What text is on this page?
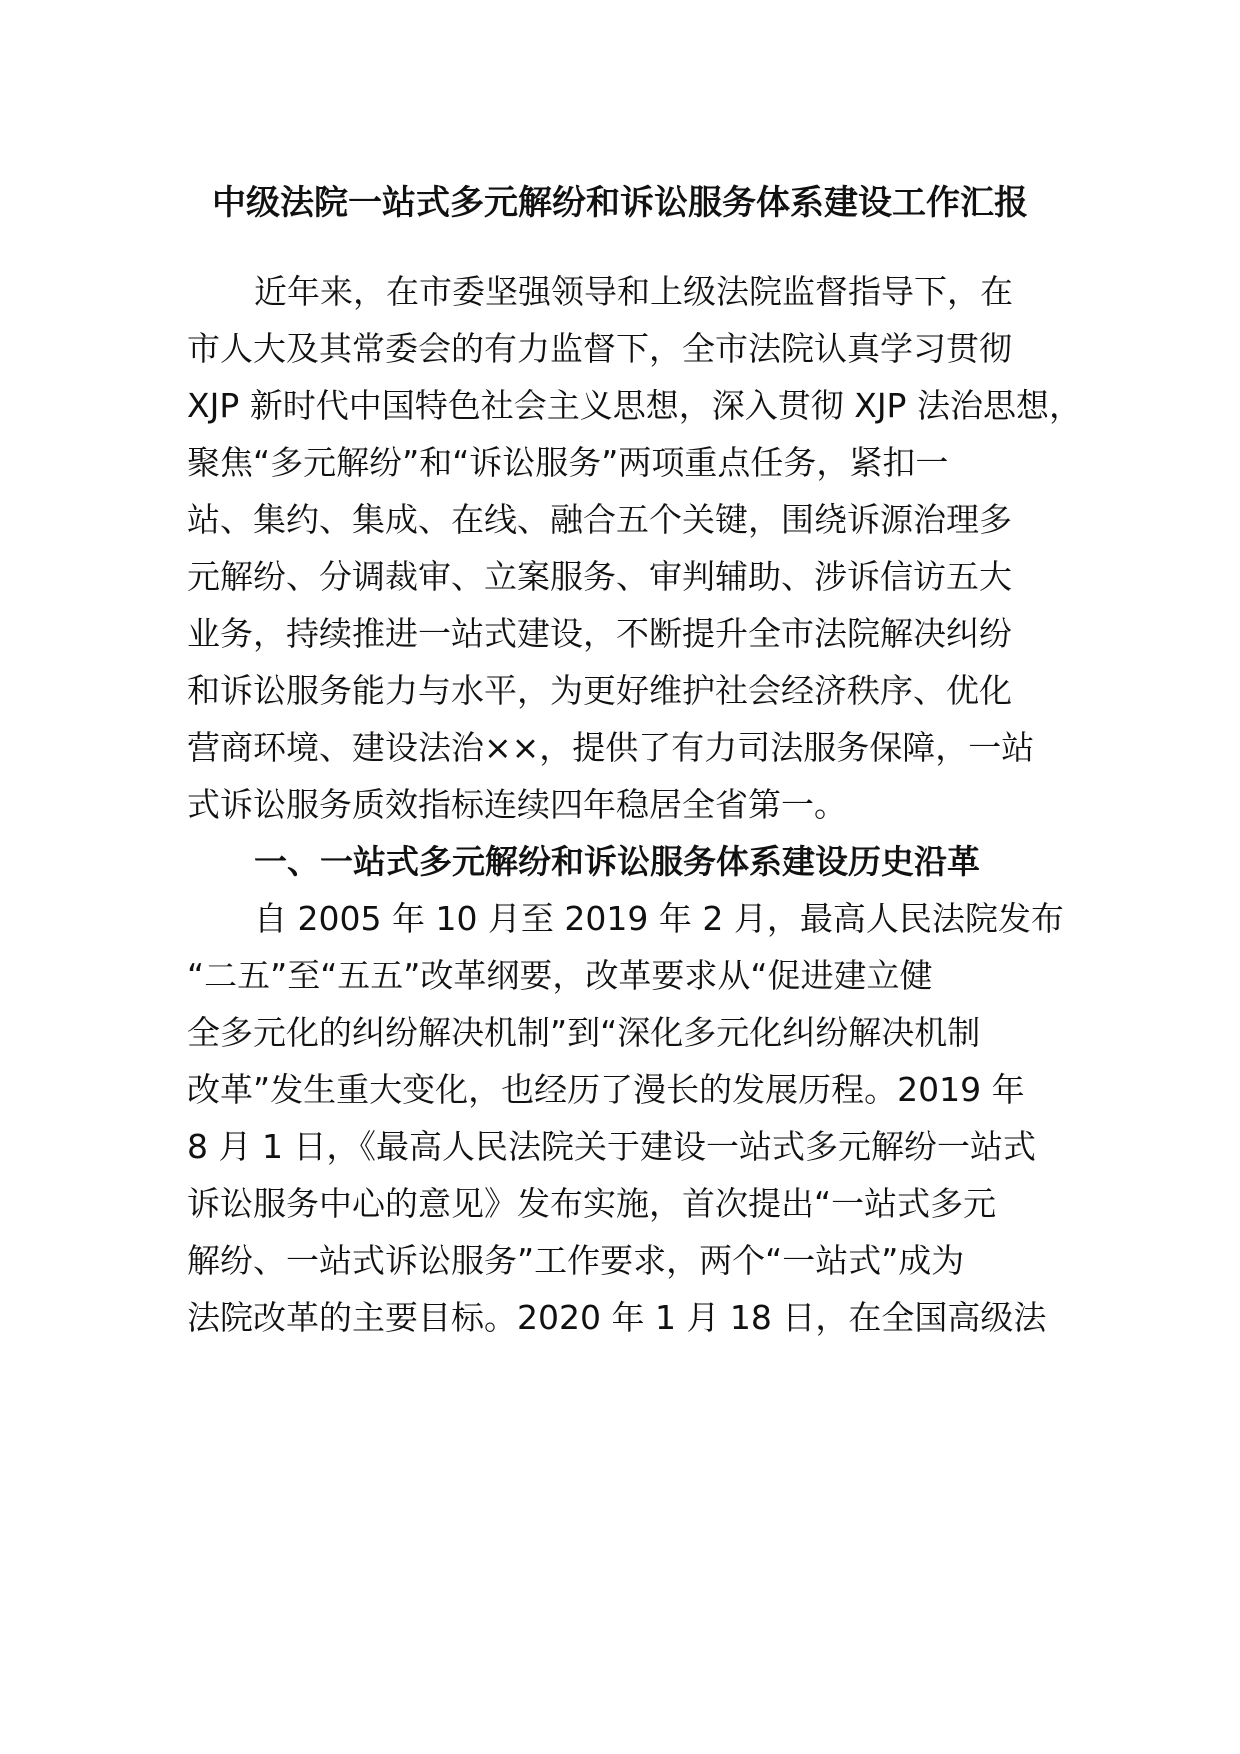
中级法院一站式多元解纷和诉讼服务体系建设工作汇报
近年来，在市委坚强领导和上级法院监督指导下，在
市人大及其常委会的有力监督下，全市法院认真学习贯彻
XJP 新时代中国特色社会主义思想，深入贯彻 XJP 法治思想，
聚焦“多元解纷”和“诉讼服务”两项重点任务，紧扣一
站、集约、集成、在线、融合五个关键，围绕诉源治理多
元解纷、分调裁审、立案服务、审判辅助、涉诉信访五大
业务，持续推进一站式建设，不断提升全市法院解决纠纷
和诉讼服务能力与水平，为更好维护社会经济秩序、优化
营商环境、建设法治××，提供了有力司法服务保障，一站
式诉讼服务质效指标连续四年稳居全省第一。
一、一站式多元解纷和诉讼服务体系建设历史沿革
自 2005 年 10 月至 2019 年 2 月，最高人民法院发布
“二五”至“五五”改革纲要，改革要求从“促进建立健
全多元化的纠纷解决机制”到“深化多元化纠纷解决机制
改革”发生重大变化，也经历了漫长的发展历程。2019 年
8 月 1 日，《最高人民法院关于建设一站式多元解纷一站式
诉讼服务中心的意见》发布实施，首次提出“一站式多元
解纷、一站式诉讼服务”工作要求，两个“一站式”成为
法院改革的主要目标。2020 年 1 月 18 日，在全国高级法
